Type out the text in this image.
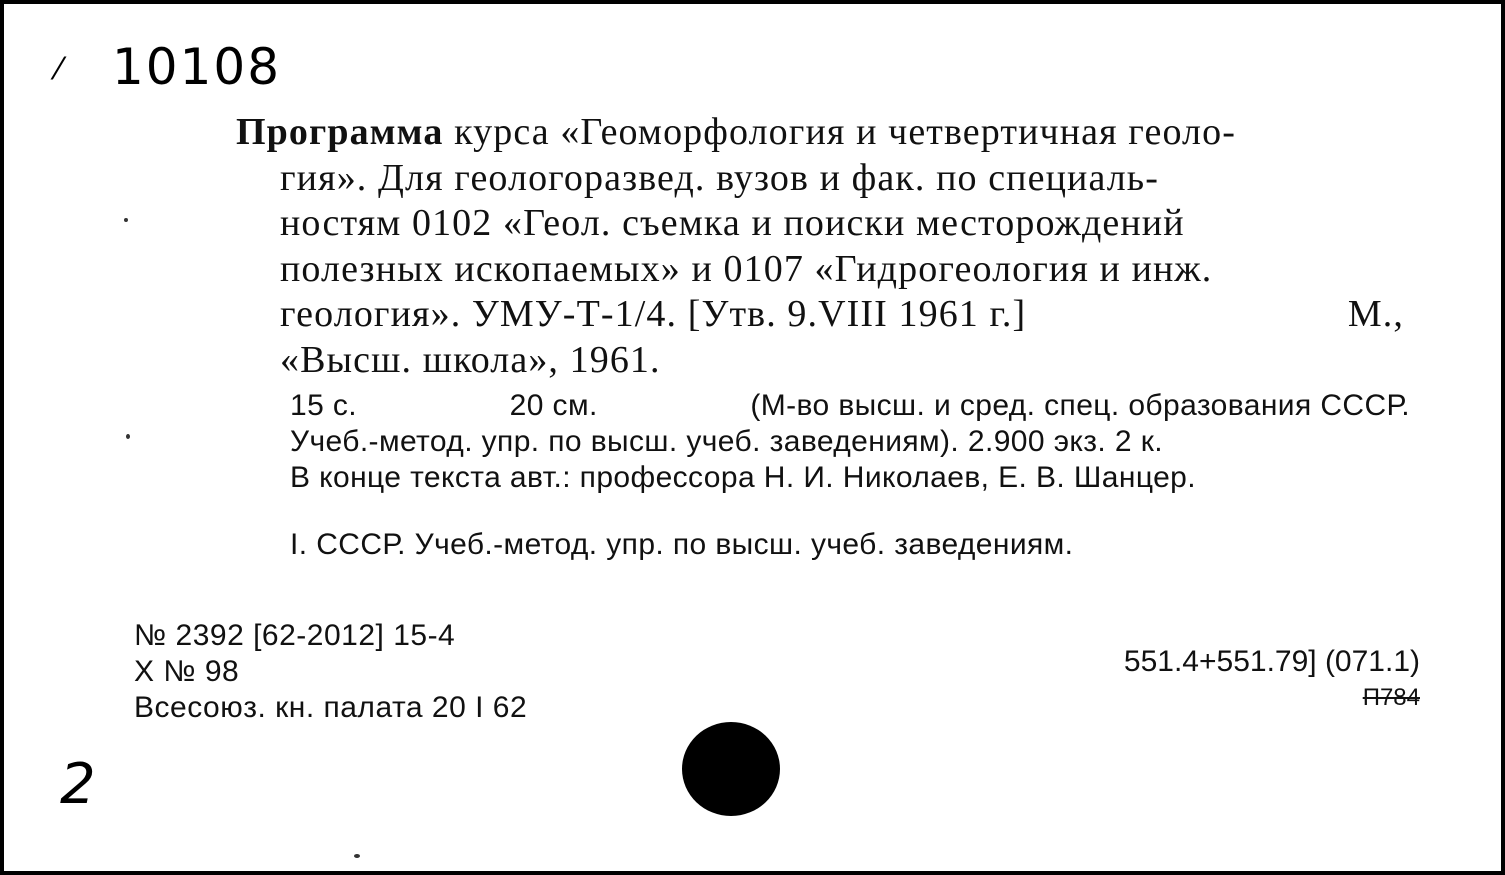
⁄ 10108
Программа курса «Геоморфология и четвертичная геоло-
гия». Для геологоразвед. вузов и фак. по специаль-
ностям 0102 «Геол. съемка и поиски месторождений
полезных ископаемых» и 0107 «Гидрогеология и инж.
геология». УМУ-Т-1/4. [Утв. 9.VIII 1961 г.]	М.,
«Высш. школа», 1961.
15 с.	20 см.	(М-во высш. и сред. спец. образования СССР.
Учеб.-метод. упр. по высш. учеб. заведениям). 2.900 экз. 2 к.
В конце текста авт.: профессора Н. И. Николаев, Е. В. Шанцер.
I. СССР. Учеб.-метод. упр. по высш. учеб. заведениям.
№ 2392 [62-2012] 15-4
X № 98
Всесоюз. кн. палата 20 I 62
551.4+551.79] (071.1)
П784
2
